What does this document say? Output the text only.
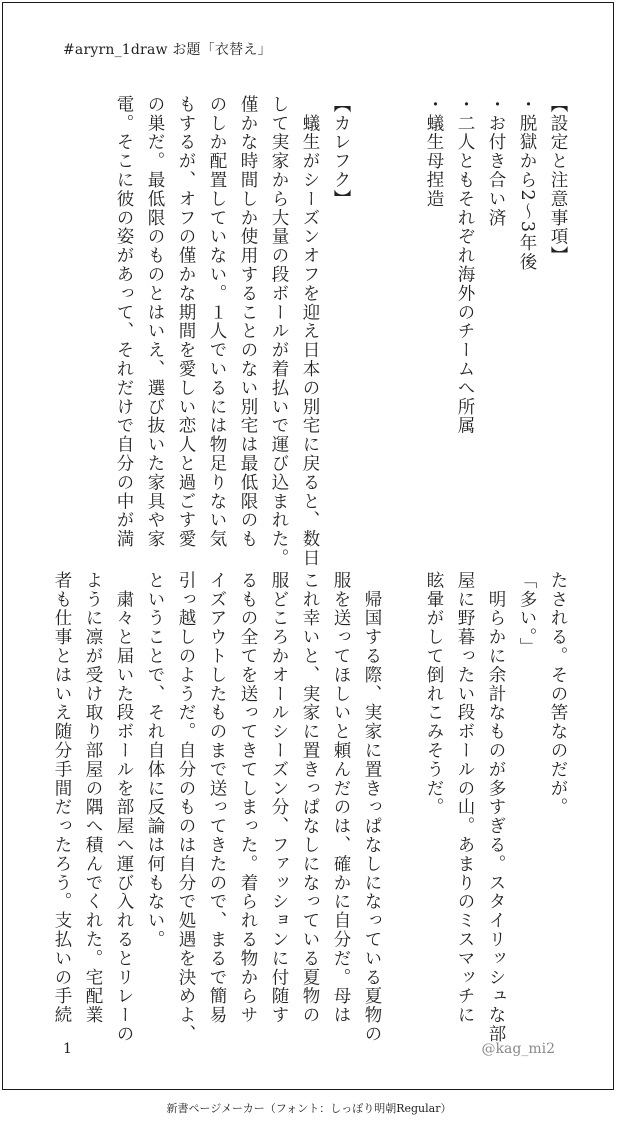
#aryrn_1draw お題「衣替え」
【設定と注意事項】
・脱獄から2～3年後
・お付き合い済
・二人ともそれぞれ海外のチームへ所属
・蟻生母捏造
【カレフク】
　蟻生がシーズンオフを迎え日本の別宅に戻ると、数日
して実家から大量の段ボールが着払いで運び込まれた。
僅かな時間しか使用することのない別宅は最低限のも
のしか配置していない。１人でいるには物足りない気
もするが、オフの僅かな期間を愛しい恋人と過ごす愛
の巣だ。最低限のものとはいえ、選び抜いた家具や家
電。そこに彼の姿があって、それだけで自分の中が満
たされる。その筈なのだが。
「多い。」
　明らかに余計なものが多すぎる。スタイリッシュな部
屋に野暮ったい段ボールの山。あまりのミスマッチに
眩暈がして倒れこみそうだ。
　帰国する際、実家に置きっぱなしになっている夏物の
服を送ってほしいと頼んだのは、確かに自分だ。母は
これ幸いと、実家に置きっぱなしになっている夏物の
服どころかオールシーズン分、ファッションに付随す
るもの全てを送ってきてしまった。着られる物からサ
イズアウトしたものまで送ってきたので、まるで簡易
引っ越しのようだ。自分のものは自分で処遇を決めよ、
ということで、それ自体に反論は何もない。
　粛々と届いた段ボールを部屋へ運び入れるとリレーの
ように凛が受け取り部屋の隅へ積んでくれた。宅配業
者も仕事とはいえ随分手間だったろう。支払いの手続
1	@kag_mi2
新書ページメーカー（フォント：しっぽり明朝Regular）
